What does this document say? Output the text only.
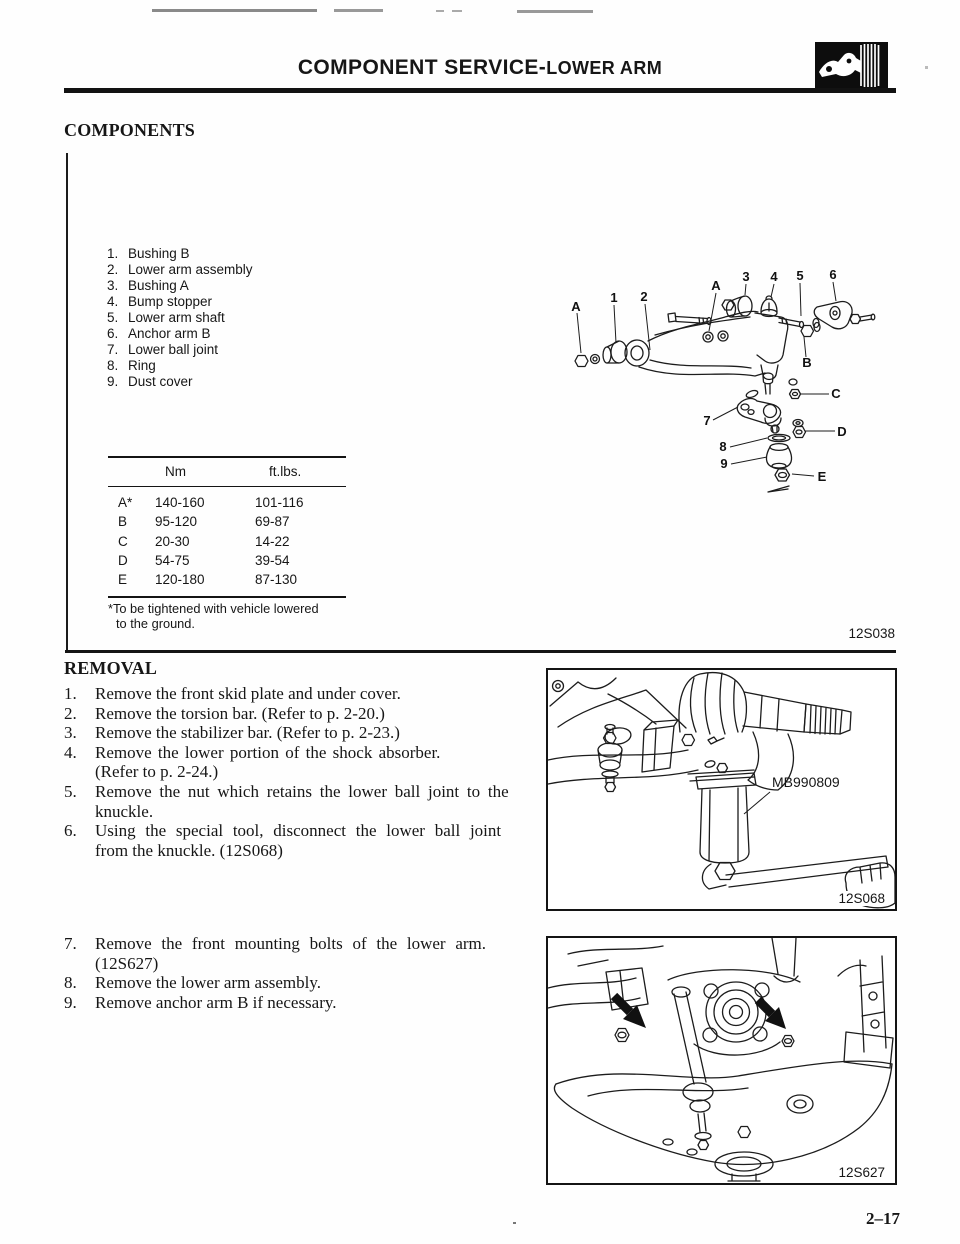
COMPONENT SERVICE-LOWER ARM
COMPONENTS
1. Bushing B
2. Lower arm assembly
3. Bushing A
4. Bump stopper
5. Lower arm shaft
6. Anchor arm B
7. Lower ball joint
8. Ring
9. Dust cover
Nm	ft.lbs.
A*	140-160	101-116
B	95-120	69-87
C	20-30	14-22
D	54-75	39-54
E	120-180	87-130
*To be tightened with vehicle lowered
to the ground.
12S038
A
1 2
A
3 4 5 6
B
C
D
7
8
9
E
REMOVAL
1.	Remove the front skid plate and under cover.
2.	Remove the torsion bar. (Refer to p. 2-20.)
3.	Remove the stabilizer bar. (Refer to p. 2-23.)
4.	Remove the lower portion of the shock absorber.
(Refer to p. 2-24.)
5.	Remove the nut which retains the lower ball joint to the
knuckle.
6.	Using the special tool, disconnect the lower ball joint
from the knuckle. (12S068)
7.	Remove the front mounting bolts of the lower arm.
(12S627)
8.	Remove the lower arm assembly.
9.	Remove anchor arm B if necessary.
MB990809
12S068
12S627
2–17
